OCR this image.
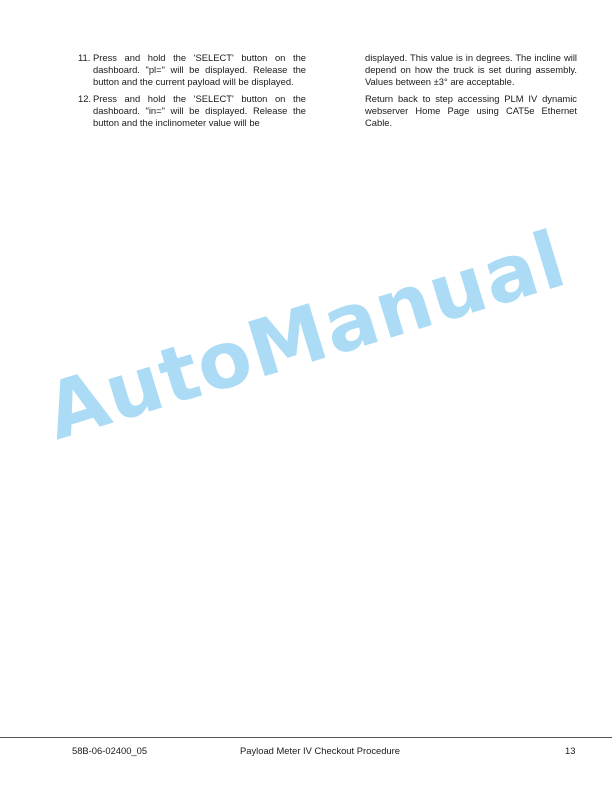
11. Press and hold the 'SELECT' button on the dashboard. "pl=" will be displayed. Release the button and the current payload will be displayed.
12. Press and hold the 'SELECT' button on the dashboard. "in=" will be displayed. Release the button and the inclinometer value will be

displayed. This value is in degrees. The incline will depend on how the truck is set during assembly. Values between ±3° are acceptable.

Return back to step accessing PLM IV dynamic webserver Home Page using CAT5e Ethernet Cable.

AutoManual
58B-06-02400_05	Payload Meter IV Checkout Procedure	13
